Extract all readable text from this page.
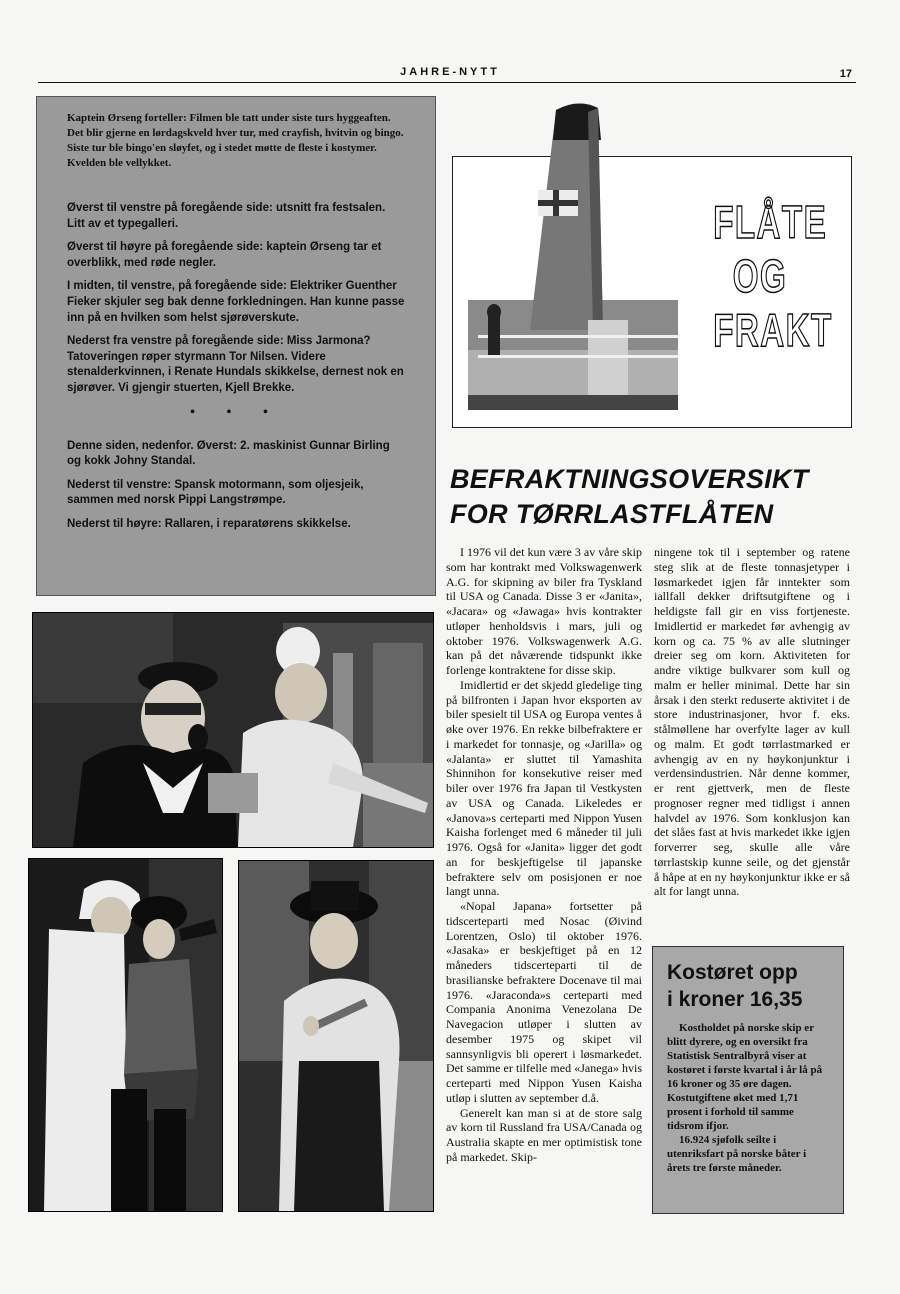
JAHRE-NYTT	17

Kaptein Ørseng forteller: Filmen ble tatt under siste turs hyggeaften. Det blir gjerne en lørdagskveld hver tur, med crayfish, hvitvin og bingo. Siste tur ble bingo'en sløyfet, og i stedet møtte de fleste i kostymer. Kvelden ble vellykket.

Øverst til venstre på foregående side: utsnitt fra festsalen. Litt av et typegalleri.

Øverst til høyre på foregående side: kaptein Ørseng tar et overblikk, med røde negler.

I midten, til venstre, på foregående side: Elektriker Guenther Fieker skjuler seg bak denne forkledningen. Han kunne passe inn på en hvilken som helst sjørøverskute.

Nederst fra venstre på foregående side: Miss Jarmona? Tatoveringen røper styrmann Tor Nilsen. Videre stenalderkvinnen, i Renate Hundals skikkelse, dernest nok en sjørøver. Vi gjengir stuerten, Kjell Brekke.

• • •

Denne siden, nedenfor. Øverst: 2. maskinist Gunnar Birling og kokk Johny Standal.

Nederst til venstre: Spansk motormann, som oljesjeik, sammen med norsk Pippi Langstrømpe.

Nederst til høyre: Rallaren, i reparatørens skikkelse.

FLÅTE
OG
FRAKT
BEFRAKTNINGSOVERSIKT
FOR TØRRLASTFLÅTEN

I 1976 vil det kun være 3 av våre skip som har kontrakt med Volkswagenwerk A.G. for skipning av biler fra Tyskland til USA og Canada. Disse 3 er «Janita», «Jacara» og «Jawaga» hvis kontrakter utløper henholdsvis i mars, juli og oktober 1976. Volkswagenwerk A.G. kan på det nåværende tidspunkt ikke forlenge kontraktene for disse skip.

Imidlertid er det skjedd gledelige ting på bilfronten i Japan hvor eksporten av biler spesielt til USA og Europa ventes å øke over 1976. En rekke bilbefraktere er i markedet for tonnasje, og «Jarilla» og «Jalanta» er sluttet til Yamashita Shinnihon for konsekutive reiser med biler over 1976 fra Japan til Vestkysten av USA og Canada. Likeledes er «Janova»s certeparti med Nippon Yusen Kaisha forlenget med 6 måneder til juli 1976. Også for «Janita» ligger det godt an for beskjeftigelse til japanske befraktere selv om posisjonen er noe langt unna.

«Nopal Japana» fortsetter på tidscerteparti med Nosac (Øivind Lorentzen, Oslo) til oktober 1976. «Jasaka» er beskjeftiget på en 12 måneders tidscerteparti til de brasilianske befraktere Docenave til mai 1976. «Jaraconda»s certeparti med Compania Anonima Venezolana De Navegacion utløper i slutten av desember 1975 og skipet vil sannsynligvis bli operert i løsmarkedet. Det samme er tilfelle med «Janega» hvis certeparti med Nippon Yusen Kaisha utløp i slutten av september d.å.

Generelt kan man si at de store salg av korn til Russland fra USA/Canada og Australia skapte en mer optimistisk tone på markedet. Skip-

ningene tok til i september og ratene steg slik at de fleste tonnasjetyper i løsmarkedet igjen får inntekter som iallfall dekker driftsutgiftene og i heldigste fall gir en viss fortjeneste. Imidlertid er markedet før avhengig av korn og ca. 75 % av alle slutninger dreier seg om korn. Aktiviteten for andre viktige bulkvarer som kull og malm er heller minimal. Dette har sin årsak i den sterkt reduserte aktivitet i de store industrinasjoner, hvor f. eks. stålmøllene har overfylte lager av kull og malm. Et godt tørrlastmarked er avhengig av en ny høykonjunktur i verdensindustrien. Når denne kommer, er rent gjettverk, men de fleste prognoser regner med tidligst i annen halvdel av 1976. Som konklusjon kan det slåes fast at hvis markedet ikke igjen forverrer seg, skulle alle våre tørrlastskip kunne seile, og det gjenstår å håpe at en ny høykonjunktur ikke er så alt for langt unna.

Kostøret opp
i kroner 16,35

Kostholdet på norske skip er blitt dyrere, og en oversikt fra Statistisk Sentralbyrå viser at kostøret i første kvartal i år lå på 16 kroner og 35 øre dagen. Kostutgiftene øket med 1,71 prosent i forhold til samme tidsrom ifjor.

16.924 sjøfolk seilte i utenriksfart på norske båter i årets tre første måneder.
